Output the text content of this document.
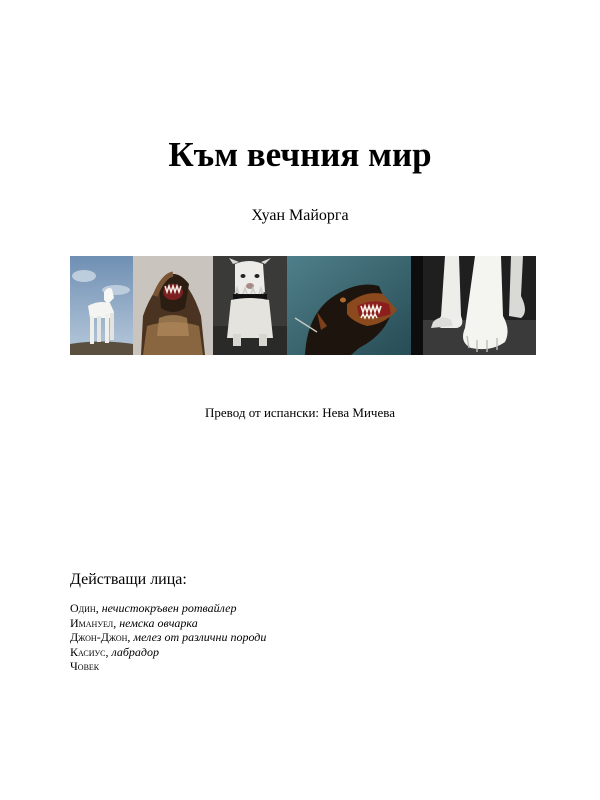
Към вечния мир

Хуан Майорга

Превод от испански: Нева Мичева

Действащи лица:
Один, нечистокръвен ротвайлер
Имануел, немска овчарка
Джон-Джон, мелез от различни породи
Касиус, лабрадор
Човек
